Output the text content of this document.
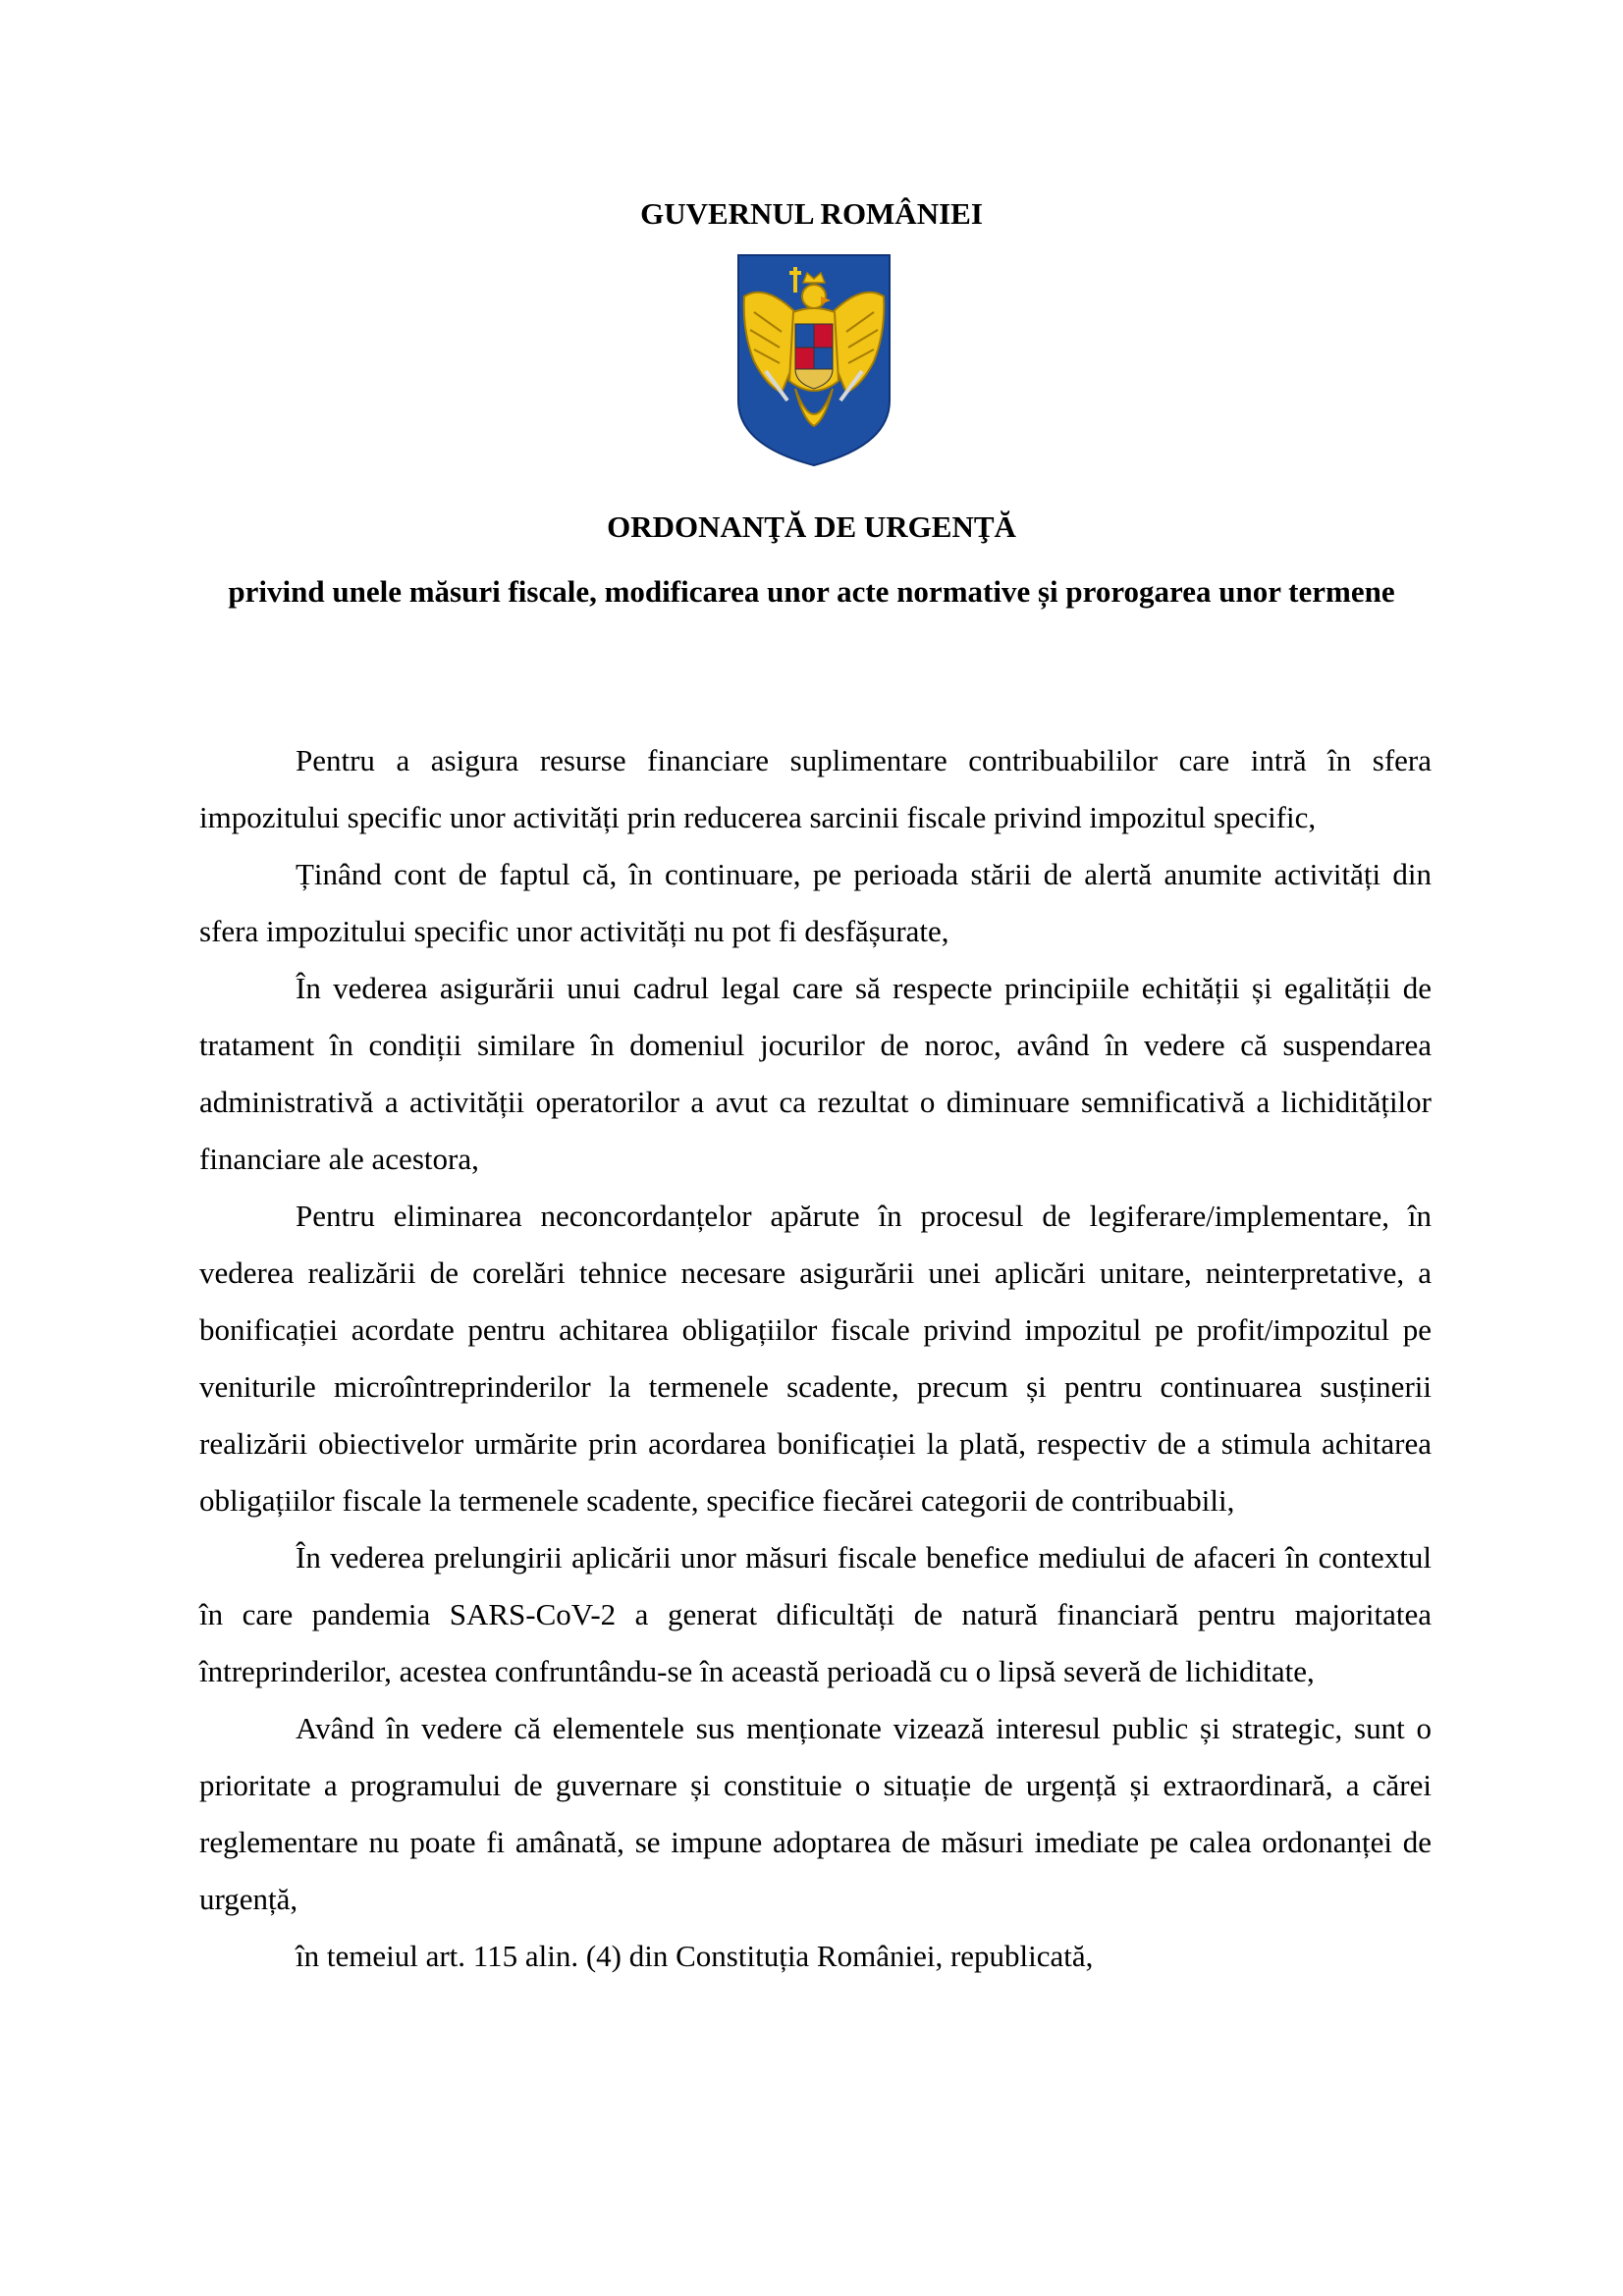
GUVERNUL ROMÂNIEI
ORDONANŢĂ DE URGENŢĂ
privind unele măsuri fiscale, modificarea unor acte normative și prorogarea unor termene

Pentru a asigura resurse financiare suplimentare contribuabililor care intră în sfera impozitului specific unor activități prin reducerea sarcinii fiscale privind impozitul specific,

Ținând cont de faptul că, în continuare, pe perioada stării de alertă anumite activități din sfera impozitului specific unor activități nu pot fi desfășurate,

În vederea asigurării unui cadrul legal care să respecte principiile echității și egalității de tratament în condiții similare în domeniul jocurilor de noroc, având în vedere că suspendarea administrativă a activității operatorilor a avut ca rezultat o diminuare semnificativă a lichidităților financiare ale acestora,

Pentru eliminarea neconcordanțelor apărute în procesul de legiferare/implementare, în vederea realizării de corelări tehnice necesare asigurării unei aplicări unitare, neinterpretative, a bonificației acordate pentru achitarea obligațiilor fiscale privind impozitul pe profit/impozitul pe veniturile microîntreprinderilor la termenele scadente, precum și pentru continuarea susținerii realizării obiectivelor urmărite prin acordarea bonificației la plată, respectiv de a stimula achitarea obligațiilor fiscale la termenele scadente, specifice fiecărei categorii de contribuabili,

În vederea prelungirii aplicării unor măsuri fiscale benefice mediului de afaceri în contextul în care pandemia SARS-CoV-2 a generat dificultăți de natură financiară pentru majoritatea întreprinderilor, acestea confruntându-se în această perioadă cu o lipsă severă de lichiditate,

Având în vedere că elementele sus menționate vizează interesul public și strategic, sunt o prioritate a programului de guvernare și constituie o situație de urgență și extraordinară, a cărei reglementare nu poate fi amânată, se impune adoptarea de măsuri imediate pe calea ordonanței de urgență,

în temeiul art. 115 alin. (4) din Constituția României, republicată,
